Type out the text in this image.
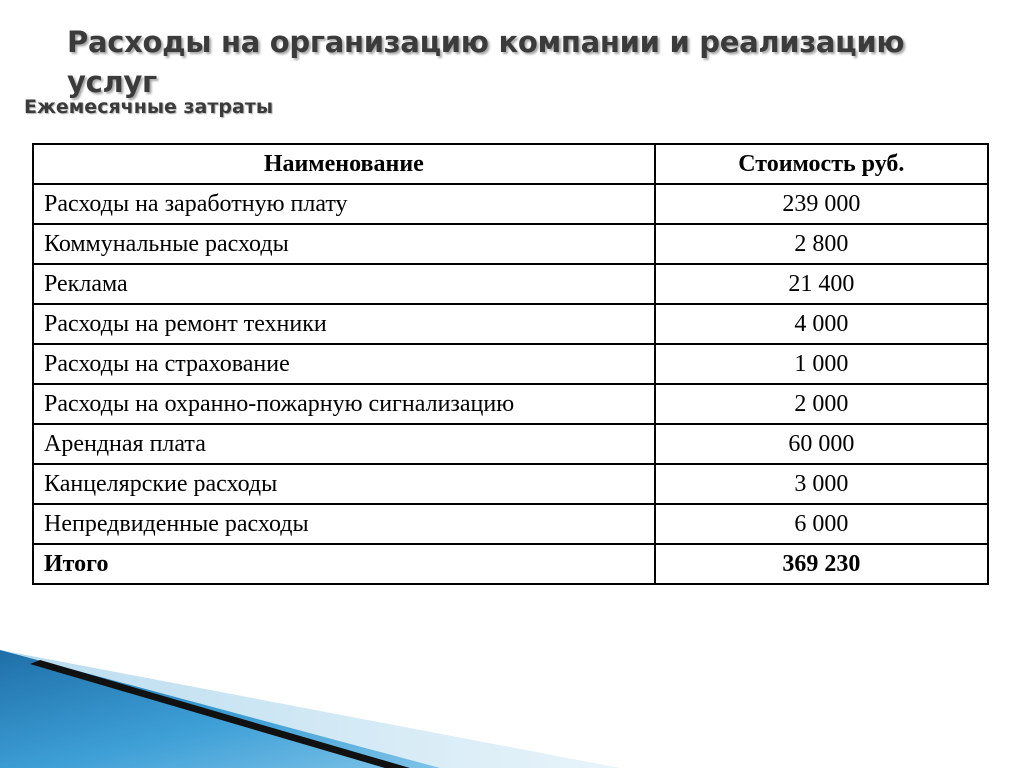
Расходы на организацию компании и реализацию услуг
Ежемесячные затраты
Наименование	Стоимость руб.
Расходы на заработную плату	239 000
Коммунальные расходы	2 800
Реклама	21 400
Расходы на ремонт техники	4 000
Расходы на страхование	1 000
Расходы на охранно-пожарную сигнализацию	2 000
Арендная плата	60 000
Канцелярские расходы	3 000
Непредвиденные расходы	6 000
Итого	369 230
